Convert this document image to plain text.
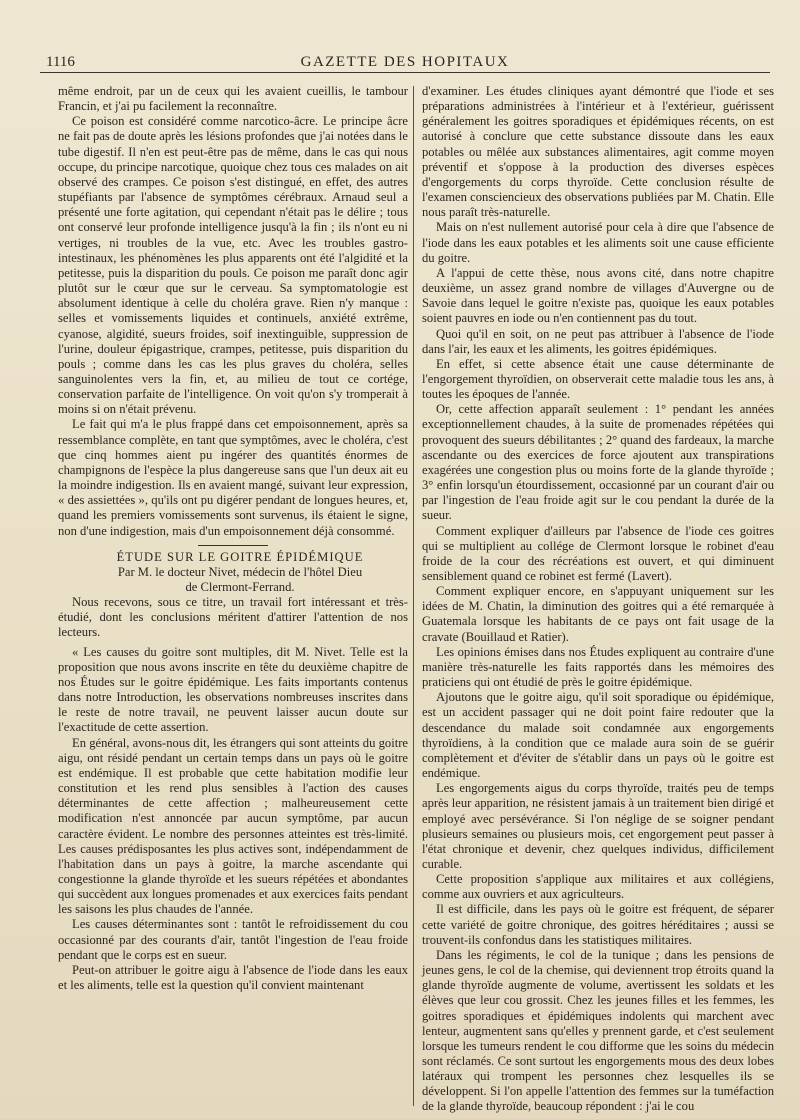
1116	GAZETTE DES HOPITAUX

même endroit, par un de ceux qui les avaient cueillis, le tambour Francin, et j'ai pu facilement la reconnaître.

Ce poison est considéré comme narcotico-âcre. Le principe âcre ne fait pas de doute après les lésions profondes que j'ai notées dans le tube digestif. Il n'en est peut-être pas de même, dans le cas qui nous occupe, du principe narcotique, quoique chez tous ces malades on ait observé des crampes. Ce poison s'est distingué, en effet, des autres stupéfiants par l'absence de symptômes cérébraux. Arnaud seul a présenté une forte agitation, qui cependant n'était pas le délire ; tous ont conservé leur profonde intelligence jusqu'à la fin ; ils n'ont eu ni vertiges, ni troubles de la vue, etc. Avec les troubles gastro-intestinaux, les phénomènes les plus apparents ont été l'algidité et la petitesse, puis la disparition du pouls. Ce poison me paraît donc agir plutôt sur le cœur que sur le cerveau. Sa symptomatologie est absolument identique à celle du choléra grave. Rien n'y manque : selles et vomissements liquides et continuels, anxiété extrême, cyanose, algidité, sueurs froides, soif inextinguible, suppression de l'urine, douleur épigastrique, crampes, petitesse, puis disparition du pouls ; comme dans les cas les plus graves du choléra, selles sanguinolentes vers la fin, et, au milieu de tout ce cortége, conservation parfaite de l'intelligence. On voit qu'on s'y tromperait à moins si on n'était prévenu.

Le fait qui m'a le plus frappé dans cet empoisonnement, après sa ressemblance complète, en tant que symptômes, avec le choléra, c'est que cinq hommes aient pu ingérer des quantités énormes de champignons de l'espèce la plus dangereuse sans que l'un deux ait eu la moindre indigestion. Ils en avaient mangé, suivant leur expression, « des assiettées », qu'ils ont pu digérer pendant de longues heures, et, quand les premiers vomissements sont survenus, ils étaient le signe, non d'une indigestion, mais d'un empoisonnement déjà consommé.

ÉTUDE SUR LE GOITRE ÉPIDÉMIQUE

Par M. le docteur Nivet, médecin de l'hôtel Dieu

de Clermont-Ferrand.

Nous recevons, sous ce titre, un travail fort intéressant et très-étudié, dont les conclusions méritent d'attirer l'attention de nos lecteurs.

« Les causes du goitre sont multiples, dit M. Nivet. Telle est la proposition que nous avons inscrite en tête du deuxième chapitre de nos Études sur le goitre épidémique. Les faits importants contenus dans notre Introduction, les observations nombreuses inscrites dans le reste de notre travail, ne peuvent laisser aucun doute sur l'exactitude de cette assertion.

En général, avons-nous dit, les étrangers qui sont atteints du goitre aigu, ont résidé pendant un certain temps dans un pays où le goitre est endémique. Il est probable que cette habitation modifie leur constitution et les rend plus sensibles à l'action des causes déterminantes de cette affection ; malheureusement cette modification n'est annoncée par aucun symptôme, par aucun caractère évident. Le nombre des personnes atteintes est très-limité. Les causes prédisposantes les plus actives sont, indépendamment de l'habitation dans un pays à goitre, la marche ascendante qui congestionne la glande thyroïde et les sueurs répétées et abondantes qui succèdent aux longues promenades et aux exercices faits pendant les saisons les plus chaudes de l'année.

Les causes déterminantes sont : tantôt le refroidissement du cou occasionné par des courants d'air, tantôt l'ingestion de l'eau froide pendant que le corps est en sueur.

Peut-on attribuer le goitre aigu à l'absence de l'iode dans les eaux et les aliments, telle est la question qu'il convient maintenant

d'examiner. Les études cliniques ayant démontré que l'iode et ses préparations administrées à l'intérieur et à l'extérieur, guérissent généralement les goitres sporadiques et épidémiques récents, on est autorisé à conclure que cette substance dissoute dans les eaux potables ou mêlée aux substances alimentaires, agit comme moyen préventif et s'oppose à la production des diverses espèces d'engorgements du corps thyroïde. Cette conclusion résulte de l'examen consciencieux des observations publiées par M. Chatin. Elle nous paraît très-naturelle.

Mais on n'est nullement autorisé pour cela à dire que l'absence de l'iode dans les eaux potables et les aliments soit une cause efficiente du goitre.

A l'appui de cette thèse, nous avons cité, dans notre chapitre deuxième, un assez grand nombre de villages d'Auvergne ou de Savoie dans lequel le goitre n'existe pas, quoique les eaux potables soient pauvres en iode ou n'en contiennent pas du tout.

Quoi qu'il en soit, on ne peut pas attribuer à l'absence de l'iode dans l'air, les eaux et les aliments, les goitres épidémiques.

En effet, si cette absence était une cause déterminante de l'engorgement thyroïdien, on observerait cette maladie tous les ans, à toutes les époques de l'année.

Or, cette affection apparaît seulement : 1° pendant les années exceptionnellement chaudes, à la suite de promenades répétées qui provoquent des sueurs débilitantes ; 2° quand des fardeaux, la marche ascendante ou des exercices de force ajoutent aux transpirations exagérées une congestion plus ou moins forte de la glande thyroïde ; 3° enfin lorsqu'un étourdissement, occasionné par un courant d'air ou par l'ingestion de l'eau froide agit sur le cou pendant la durée de la sueur.

Comment expliquer d'ailleurs par l'absence de l'iode ces goitres qui se multiplient au collége de Clermont lorsque le robinet d'eau froide de la cour des récréations est ouvert, et qui diminuent sensiblement quand ce robinet est fermé (Lavert).

Comment expliquer encore, en s'appuyant uniquement sur les idées de M. Chatin, la diminution des goitres qui a été remarquée à Guatemala lorsque les habitants de ce pays ont fait usage de la cravate (Bouillaud et Ratier).

Les opinions émises dans nos Études expliquent au contraire d'une manière très-naturelle les faits rapportés dans les mémoires des praticiens qui ont étudié de près le goitre épidémique.

Ajoutons que le goitre aigu, qu'il soit sporadique ou épidémique, est un accident passager qui ne doit point faire redouter que la descendance du malade soit condamnée aux engorgements thyroïdiens, à la condition que ce malade aura soin de se guérir complètement et d'éviter de s'établir dans un pays où le goitre est endémique.

Les engorgements aigus du corps thyroïde, traités peu de temps après leur apparition, ne résistent jamais à un traitement bien dirigé et employé avec persévérance. Si l'on néglige de se soigner pendant plusieurs semaines ou plusieurs mois, cet engorgement peut passer à l'état chronique et devenir, chez quelques individus, difficilement curable.

Cette proposition s'applique aux militaires et aux collégiens, comme aux ouvriers et aux agriculteurs.

Il est difficile, dans les pays où le goitre est fréquent, de séparer cette variété de goitre chronique, des goitres héréditaires ; aussi se trouvent-ils confondus dans les statistiques militaires.

Dans les régiments, le col de la tunique ; dans les pensions de jeunes gens, le col de la chemise, qui deviennent trop étroits quand la glande thyroïde augmente de volume, avertissent les soldats et les élèves que leur cou grossit. Chez les jeunes filles et les femmes, les goitres sporadiques et épidémiques indolents qui marchent avec lenteur, augmentent sans qu'elles y prennent garde, et c'est seulement lorsque les tumeurs rendent le cou difforme que les soins du médecin sont réclamés. Ce sont surtout les engorgements mous des deux lobes latéraux qui trompent les personnes chez lesquelles ils se développent. Si l'on appelle l'attention des femmes sur la tuméfaction de la glande thyroïde, beaucoup répondent : j'ai le cou
